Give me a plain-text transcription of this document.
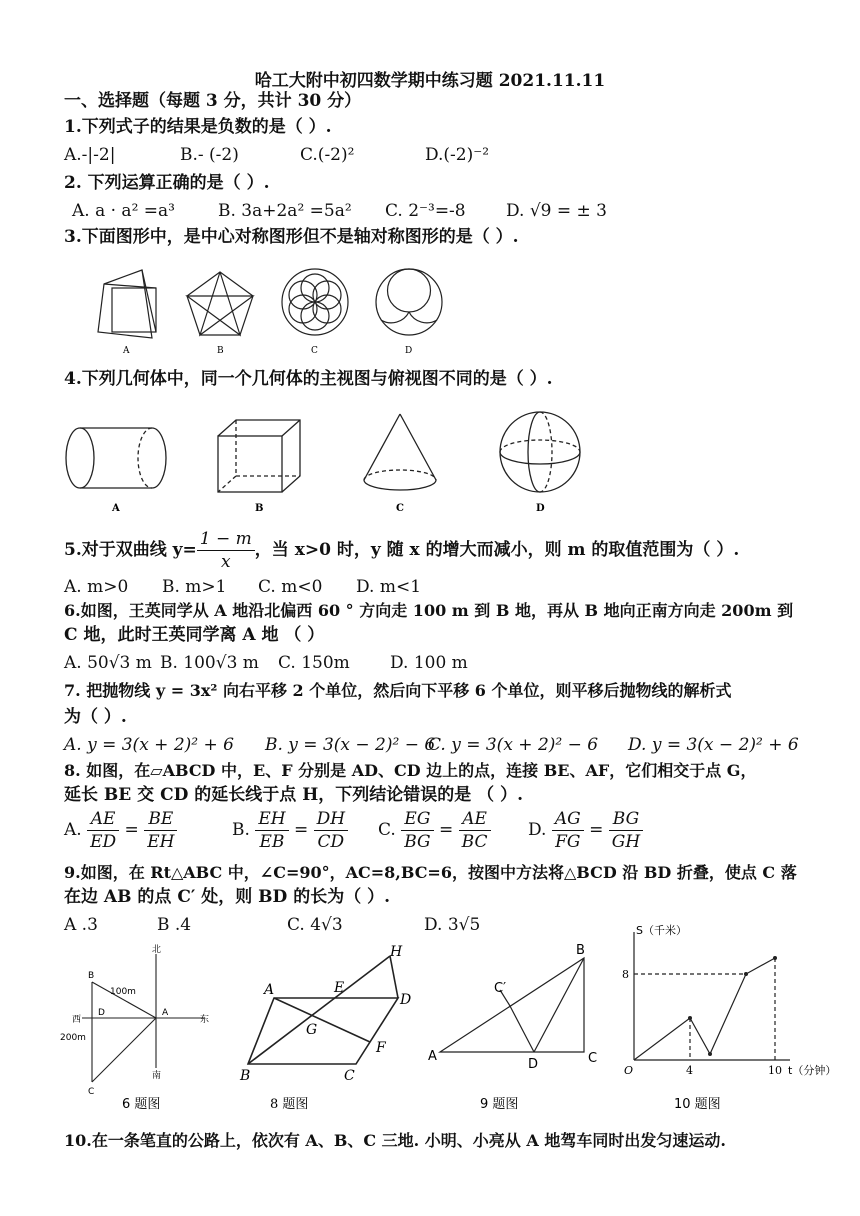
哈工大附中初四数学期中练习题 2021.11.11
一、选择题（每题 3 分，共计 30 分）
1.下列式子的结果是负数的是（ ）.
A.-|-2|	B.- (-2)	C.(-2)²	D.(-2)⁻²
2. 下列运算正确的是（ ）.
A. a · a² =a³	B. 3a+2a² =5a² C. 2⁻³=-8 D. √9 = ± 3
3.下面图形中，是中心对称图形但不是轴对称图形的是（ ）.
A	B	C	D
4.下列几何体中，同一个几何体的主视图与俯视图不同的是（ ）.
A	B	C	D
5.对于双曲线 $y= \frac{1 - m}{x}$ ，当 x>0 时，y 随 x 的增大而减小，则 m 的取值范围为（ ）.
A. m>0 B. m>1 C. m<0 D. m<1
6.如图，王英同学从 A 地沿北偏西 60 ° 方向走 100 m 到 B 地，再从 B 地向正南方向走 200m 到
C 地，此时王英同学离 A 地 （ ）
A. 50√3 m B. 100√3 m C. 150m D. 100 m
7. 把抛物线 y = 3x² 向右平移 2 个单位，然后向下平移 6 个单位，则平移后抛物线的解析式
为（ ）.
A. y = 3(x + 2)² + 6 B. y = 3(x − 2)² − 6
C. y = 3(x + 2)² − 6 D. y = 3(x − 2)² + 6
8. 如图，在▱ABCD 中，E、F 分别是 AD、CD 边上的点，连接 BE、AF，它们相交于点 G，
延长 BE 交 CD 的延长线于点 H，下列结论错误的是 （ ）.
A. $\frac{AE}{ED} = \frac{BE}{EH}$	B. $\frac{EH}{EB} = \frac{DH}{CD} C$. $\frac{EG}{BG} = \frac{AE}{BC} D$. $\frac{AG}{FG} = \frac{BG}{GH}$
9.如图，在 Rt△ABC 中，∠C=90°，AC=8,BC=6，按图中方法将△BCD 沿 BD 折叠，使点 C 落
在边 AB 的点 C′ 处，则 BD 的长为（ ）.
A .3	B .4	C. 4√3	D. 3√5
北
南
西	东
B
D	A
C
100m
200m
6 题图
A	E
H
D
G
F
B	C
8 题图
A
B
C
D
C′
9 题图
S（千米）
8
O	4	10 t（分钟）
10 题图
10.在一条笔直的公路上，依次有 A、B、C 三地. 小明、小亮从 A 地驾车同时出发匀速运动.
